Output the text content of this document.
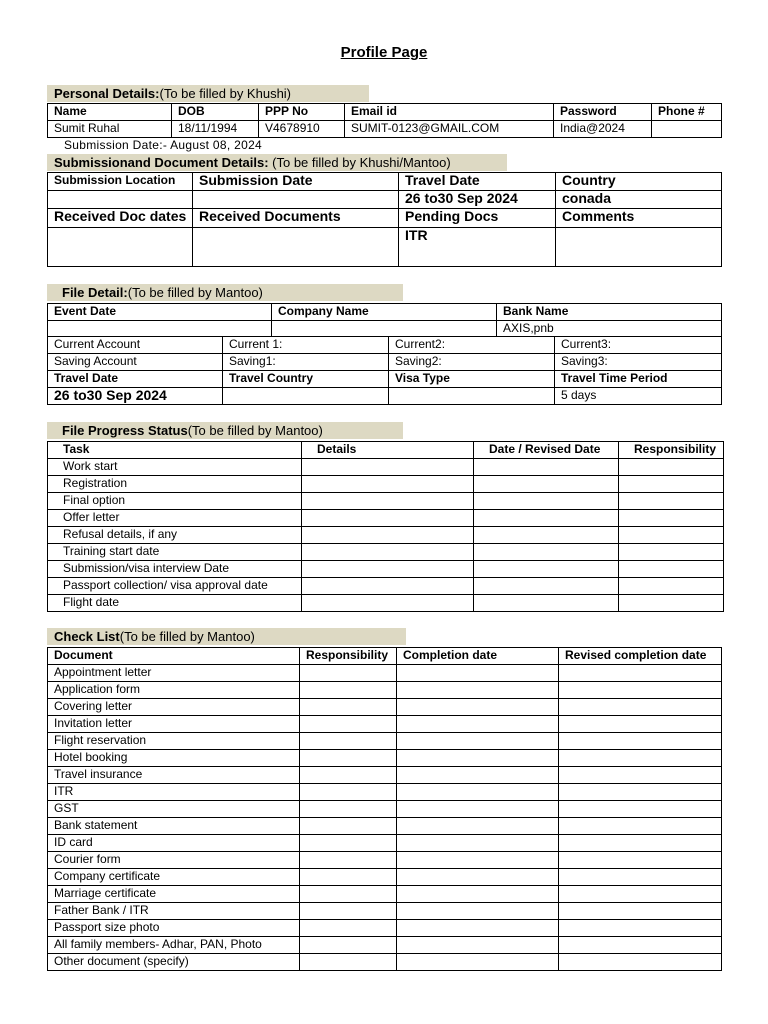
Profile Page
Personal Details:(To be filled by Khushi)
Name	DOB	PPP No	Email id	Password	Phone #
Sumit Ruhal	18/11/1994	V4678910	SUMIT-0123@GMAIL.COM	India@2024	
Submission Date:- August 08, 2024
Submissionand Document Details: (To be filled by Khushi/Mantoo)
Submission Location	Submission Date	Travel Date	Country
		26 to30 Sep 2024	conada
Received Doc dates	Received Documents	Pending Docs	Comments
		ITR	
File Detail:(To be filled by Mantoo)
Event Date	Company Name	Bank Name
		AXIS,pnb
Current Account	Current 1:	Current2:	Current3:
Saving Account	Saving1:	Saving2:	Saving3:
Travel Date	Travel Country	Visa Type	Travel Time Period
26 to30 Sep 2024			5 days
File Progress Status(To be filled by Mantoo)
Task	Details	Date / Revised Date	Responsibility
Work start			
Registration			
Final option			
Offer letter			
Refusal details, if any			
Training start date			
Submission/visa interview Date			
Passport collection/ visa approval date			
Flight date			
Check List(To be filled by Mantoo)
Document	Responsibility	Completion date	Revised completion date
Appointment letter			
Application form			
Covering letter			
Invitation letter			
Flight reservation			
Hotel booking			
Travel insurance			
ITR			
GST			
Bank statement			
ID card			
Courier form			
Company certificate			
Marriage certificate			
Father Bank / ITR			
Passport size photo			
All family members- Adhar, PAN, Photo			
Other document (specify)			
